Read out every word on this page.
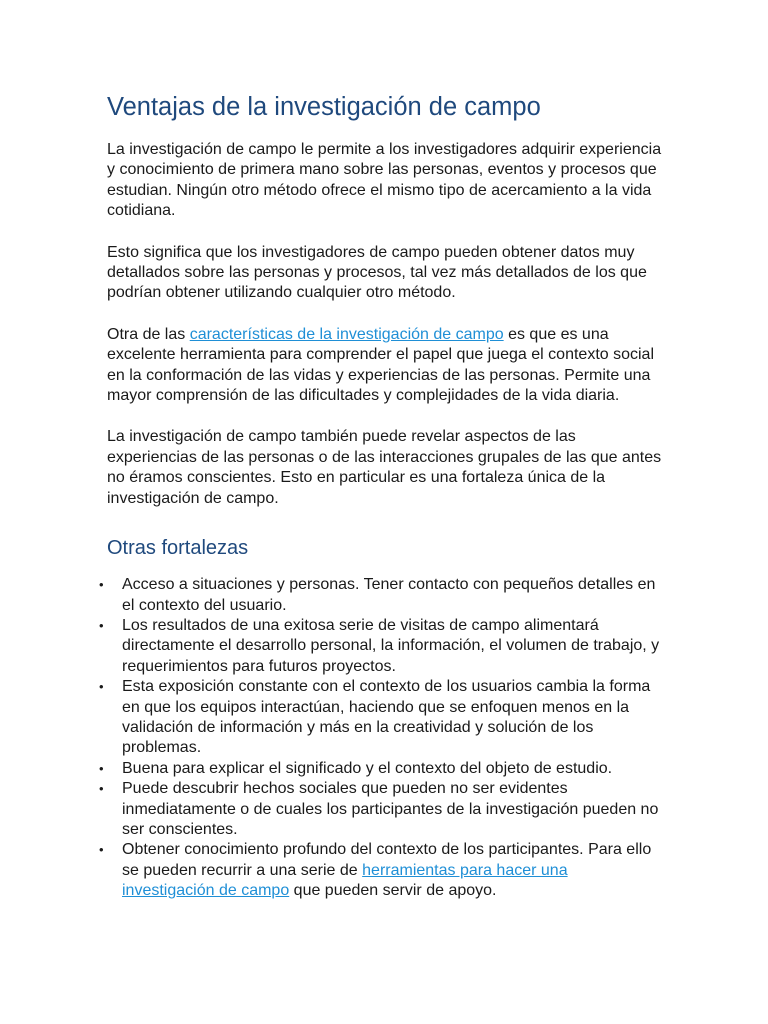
Ventajas de la investigación de campo

La investigación de campo le permite a los investigadores adquirir experiencia y conocimiento de primera mano sobre las personas, eventos y procesos que estudian. Ningún otro método ofrece el mismo tipo de acercamiento a la vida cotidiana.

Esto significa que los investigadores de campo pueden obtener datos muy detallados sobre las personas y procesos, tal vez más detallados de los que podrían obtener utilizando cualquier otro método.

Otra de las características de la investigación de campo es que es una excelente herramienta para comprender el papel que juega el contexto social en la conformación de las vidas y experiencias de las personas. Permite una mayor comprensión de las dificultades y complejidades de la vida diaria.

La investigación de campo también puede revelar aspectos de las experiencias de las personas o de las interacciones grupales de las que antes no éramos conscientes. Esto en particular es una fortaleza única de la investigación de campo.

Otras fortalezas
•	Acceso a situaciones y personas. Tener contacto con pequeños detalles en el contexto del usuario.
•	Los resultados de una exitosa serie de visitas de campo alimentará directamente el desarrollo personal, la información, el volumen de trabajo, y requerimientos para futuros proyectos.
•	Esta exposición constante con el contexto de los usuarios cambia la forma en que los equipos interactúan, haciendo que se enfoquen menos en la validación de información y más en la creatividad y solución de los problemas.
•	Buena para explicar el significado y el contexto del objeto de estudio.
•	Puede descubrir hechos sociales que pueden no ser evidentes inmediatamente o de cuales los participantes de la investigación pueden no ser conscientes.
•	Obtener conocimiento profundo del contexto de los participantes. Para ello se pueden recurrir a una serie de herramientas para hacer una investigación de campo que pueden servir de apoyo.
